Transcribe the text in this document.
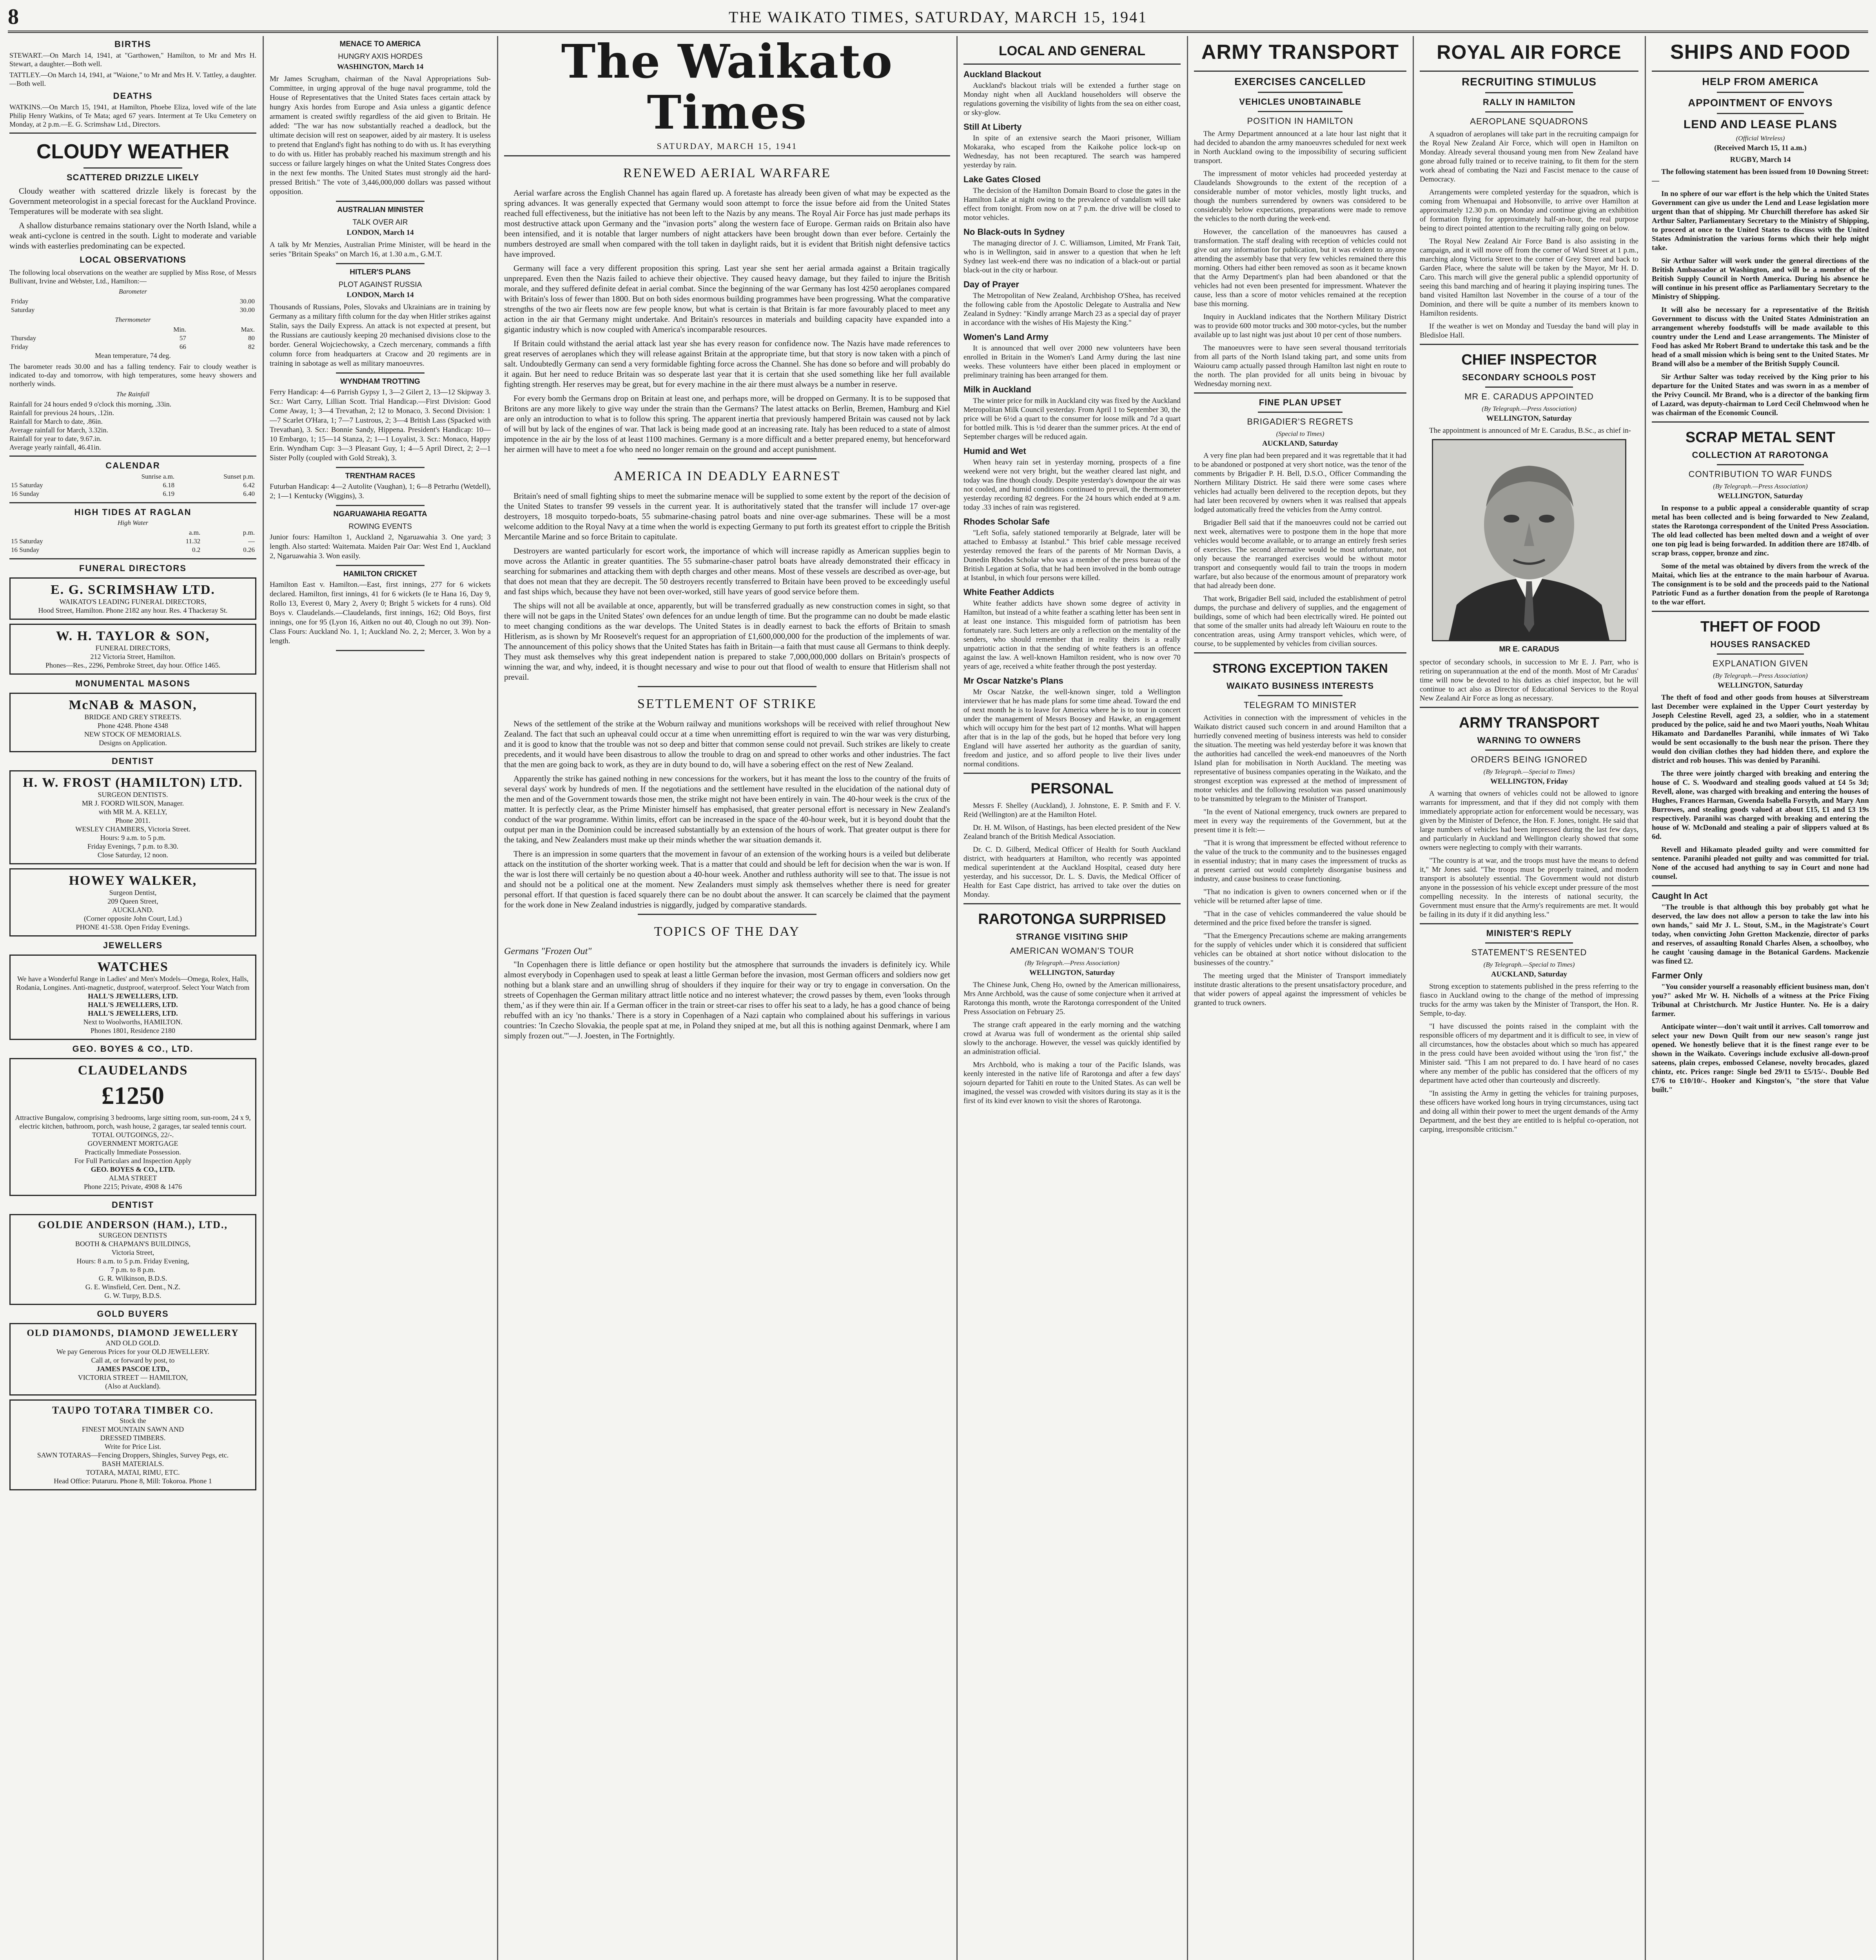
8	THE WAIKATO TIMES, SATURDAY, MARCH 15, 1941
BIRTHS

STEWART.—On March 14, 1941, at "Garthowen," Hamilton, to Mr and Mrs H. Stewart, a daughter.—Both well.

TATTLEY.—On March 14, 1941, at "Waione," to Mr and Mrs H. V. Tattley, a daughter.—Both well.

DEATHS

WATKINS.—On March 15, 1941, at Hamilton, Phoebe Eliza, loved wife of the late Philip Henry Watkins, of Te Mata; aged 67 years. Interment at Te Uku Cemetery on Monday, at 2 p.m.—E. G. Scrimshaw Ltd., Directors.

CLOUDY WEATHER
SCATTERED DRIZZLE LIKELY

Cloudy weather with scattered drizzle likely is forecast by the Government meteorologist in a special forecast for the Auckland Province. Temperatures will be moderate with sea slight.

A shallow disturbance remains stationary over the North Island, while a weak anti-cyclone is centred in the south. Light to moderate and variable winds with easterlies predominating can be expected.

LOCAL OBSERVATIONS

The following local observations on the weather are supplied by Miss Rose, of Messrs Bullivant, Irvine and Webster, Ltd., Hamilton:—

Barometer
Friday	30.00
Saturday	30.00
Thermometer
	Min.	Max.
Thursday	57	80
Friday	66	82

Mean temperature, 74 deg.

The barometer reads 30.00 and has a falling tendency. Fair to cloudy weather is indicated to-day and tomorrow, with high temperatures, some heavy showers and northerly winds.

The Rainfall

Rainfall for 24 hours ended 9 o'clock this morning, .33in.

Rainfall for previous 24 hours, .12in.

Rainfall for March to date, .86in.

Average rainfall for March, 3.32in.

Rainfall for year to date, 9.67.in.

Average yearly rainfall, 46.41in.

CALENDAR
	Sunrise a.m.	Sunset p.m.
15 Saturday	6.18	6.42
16 Sunday	6.19	6.40
HIGH TIDES AT RAGLAN
High Water
	a.m.	p.m.
15 Saturday	11.32	—
16 Sunday	0.2	0.26
FUNERAL DIRECTORS
E. G. SCRIMSHAW LTD.
WAIKATO'S LEADING FUNERAL DIRECTORS,
Hood Street, Hamilton. Phone 2182 any hour. Res. 4 Thackeray St.
W. H. TAYLOR & SON,
FUNERAL DIRECTORS,
212 Victoria Street, Hamilton.
Phones—Res., 2296, Pembroke Street, day hour. Office 1465.
MONUMENTAL MASONS
McNAB & MASON,
BRIDGE AND GREY STREETS.
Phone 4248. Phone 4348
NEW STOCK OF MEMORIALS.
Designs on Application.
DENTIST
H. W. FROST (HAMILTON) LTD.
SURGEON DENTISTS.
MR J. FOORD WILSON, Manager.
with MR M. A. KELLY,
Phone 2011.
WESLEY CHAMBERS, Victoria Street.
Hours: 9 a.m. to 5 p.m.
Friday Evenings, 7 p.m. to 8.30.
Close Saturday, 12 noon.
HOWEY WALKER,
Surgeon Dentist,
209 Queen Street,
AUCKLAND.
(Corner opposite John Court, Ltd.)
PHONE 41-538. Open Friday Evenings.
JEWELLERS
WATCHES
We have a Wonderful Range in Ladies' and Men's Models—Omega, Rolex, Halls, Rodania, Longines. Anti-magnetic, dustproof, waterproof. Select Your Watch from
HALL'S JEWELLERS, LTD.
HALL'S JEWELLERS, LTD.
HALL'S JEWELLERS, LTD.
Next to Woolworths, HAMILTON.
Phones 1801, Residence 2180
GEO. BOYES & CO., LTD.
CLAUDELANDS
£1250
Attractive Bungalow, comprising 3 bedrooms, large sitting room, sun-room, 24 x 9, electric kitchen, bathroom, porch, wash house, 2 garages, tar sealed tennis court.
TOTAL OUTGOINGS, 22/-.
GOVERNMENT MORTGAGE
Practically Immediate Possession.
For Full Particulars and Inspection Apply
GEO. BOYES & CO., LTD.
ALMA STREET
Phone 2215; Private, 4908 & 1476
DENTIST
GOLDIE ANDERSON (HAM.), LTD.,
SURGEON DENTISTS
BOOTH & CHAPMAN'S BUILDINGS,
Victoria Street,
Hours: 8 a.m. to 5 p.m. Friday Evening,
7 p.m. to 8 p.m.
G. R. Wilkinson, B.D.S.
G. E. Winsfield, Cert. Dent., N.Z.
G. W. Turpy, B.D.S.
GOLD BUYERS
OLD DIAMONDS, DIAMOND JEWELLERY
AND OLD GOLD.
We pay Generous Prices for your OLD JEWELLERY.
Call at, or forward by post, to
JAMES PASCOE LTD.,
VICTORIA STREET — HAMILTON,
(Also at Auckland).
TAUPO TOTARA TIMBER CO.
Stock the
FINEST MOUNTAIN SAWN AND
DRESSED TIMBERS.
Write for Price List.
SAWN TOTARAS—Fencing Droppers, Shingles, Survey Pegs, etc.
BASH MATERIALS.
TOTARA, MATAI, RIMU, ETC.
Head Office: Putaruru. Phone 8, Mill: Tokoroa. Phone 1
MENACE TO AMERICA
HUNGRY AXIS HORDES
WASHINGTON, March 14

Mr James Scrugham, chairman of the Naval Appropriations Sub-Committee, in urging approval of the huge naval programme, told the House of Representatives that the United States faces certain attack by hungry Axis hordes from Europe and Asia unless a gigantic defence armament is created swiftly regardless of the aid given to Britain. He added: "The war has now substantially reached a deadlock, but the ultimate decision will rest on seapower, aided by air mastery. It is useless to pretend that England's fight has nothing to do with us. It has everything to do with us. Hitler has probably reached his maximum strength and his success or failure largely hinges on what the United States Congress does in the next few months. The United States must strongly aid the hard-pressed British." The vote of 3,446,000,000 dollars was passed without opposition.

AUSTRALIAN MINISTER
TALK OVER AIR
LONDON, March 14

A talk by Mr Menzies, Australian Prime Minister, will be heard in the series "Britain Speaks" on March 16, at 1.30 a.m., G.M.T.

HITLER'S PLANS
PLOT AGAINST RUSSIA
LONDON, March 14

Thousands of Russians, Poles, Slovaks and Ukrainians are in training by Germany as a military fifth column for the day when Hitler strikes against Stalin, says the Daily Express. An attack is not expected at present, but the Russians are cautiously keeping 20 mechanised divisions close to the border. General Wojciechowsky, a Czech mercenary, commands a fifth column force from headquarters at Cracow and 20 regiments are in training in sabotage as well as military manoeuvres.

WYNDHAM TROTTING

Ferry Handicap: 4—6 Parrish Gypsy 1, 3—2 Gilert 2, 13—12 Skipway 3. Scr.: Wart Carry, Lillian Scott. Trial Handicap.—First Division: Good Come Away, 1; 3—4 Trevathan, 2; 12 to Monaco, 3. Second Division: 1—7 Scarlet O'Hara, 1; 7—7 Lustrous, 2; 3—4 British Lass (Spacked with Trevathan), 3. Scr.: Bonnie Sandy, Hippena. President's Handicap: 10—10 Embargo, 1; 15—14 Stanza, 2; 1—1 Loyalist, 3. Scr.: Monaco, Happy Erin. Wyndham Cup: 3—3 Pleasant Guy, 1; 4—5 April Direct, 2; 2—1 Sister Polly (coupled with Gold Streak), 3.

TRENTHAM RACES

Futurban Handicap: 4—2 Autolite (Vaughan), 1; 6—8 Petrarhu (Wetdell), 2; 1—1 Kentucky (Wiggins), 3.

NGARUAWAHIA REGATTA
ROWING EVENTS

Junior fours: Hamilton 1, Auckland 2, Ngaruawahia 3. One yard; 3 length. Also started: Waitemata. Maiden Pair Oar: West End 1, Auckland 2, Ngaruawahia 3. Won easily.

HAMILTON CRICKET

Hamilton East v. Hamilton.—East, first innings, 277 for 6 wickets declared. Hamilton, first innings, 41 for 6 wickets (Ie te Hana 16, Day 9, Rollo 13, Everest 0, Mary 2, Avery 0; Bright 5 wickets for 4 runs). Old Boys v. Claudelands.—Claudelands, first innings, 162; Old Boys, first innings, one for 95 (Lyon 16, Aitken no out 40, Clough no out 39). Non-Class Fours: Auckland No. 1, 1; Auckland No. 2, 2; Mercer, 3. Won by a length.

The Waikato Times
SATURDAY, MARCH 15, 1941
RENEWED AERIAL WARFARE

Aerial warfare across the English Channel has again flared up. A foretaste has already been given of what may be expected as the spring advances. It was generally expected that Germany would soon attempt to force the issue before aid from the United States reached full effectiveness, but the initiative has not been left to the Nazis by any means. The Royal Air Force has just made perhaps its most destructive attack upon Germany and the "invasion ports" along the western face of Europe. German raids on Britain also have been intensified, and it is notable that larger numbers of night attackers have been brought down than ever before. Certainly the numbers destroyed are small when compared with the toll taken in daylight raids, but it is evident that British night defensive tactics have improved.

Germany will face a very different proposition this spring. Last year she sent her aerial armada against a Britain tragically unprepared. Even then the Nazis failed to achieve their objective. They caused heavy damage, but they failed to injure the British morale, and they suffered definite defeat in aerial combat. Since the beginning of the war Germany has lost 4250 aeroplanes compared with Britain's loss of fewer than 1800. But on both sides enormous building programmes have been progressing. What the comparative strengths of the two air fleets now are few people know, but what is certain is that Britain is far more favourably placed to meet any action in the air that Germany might undertake. And Britain's resources in materials and building capacity have expanded into a gigantic industry which is now coupled with America's incomparable resources.

If Britain could withstand the aerial attack last year she has every reason for confidence now. The Nazis have made references to great reserves of aeroplanes which they will release against Britain at the appropriate time, but that story is now taken with a pinch of salt. Undoubtedly Germany can send a very formidable fighting force across the Channel. She has done so before and will probably do it again. But her need to reduce Britain was so desperate last year that it is certain that she used something like her full available fighting strength. Her reserves may be great, but for every machine in the air there must always be a number in reserve.

For every bomb the Germans drop on Britain at least one, and perhaps more, will be dropped on Germany. It is to be supposed that Britons are any more likely to give way under the strain than the Germans? The latest attacks on Berlin, Bremen, Hamburg and Kiel are only an introduction to what is to follow this spring. The apparent inertia that previously hampered Britain was caused not by lack of will but by lack of the engines of war. That lack is being made good at an increasing rate. Italy has been reduced to a state of almost impotence in the air by the loss of at least 1100 machines. Germany is a more difficult and a better prepared enemy, but henceforward her airmen will have to meet a foe who need no longer remain on the ground and accept punishment.

AMERICA IN DEADLY EARNEST

Britain's need of small fighting ships to meet the submarine menace will be supplied to some extent by the report of the decision of the United States to transfer 99 vessels in the current year. It is authoritatively stated that the transfer will include 17 over-age destroyers, 18 mosquito torpedo-boats, 55 submarine-chasing patrol boats and nine over-age submarines. These will be a most welcome addition to the Royal Navy at a time when the world is expecting Germany to put forth its greatest effort to cripple the British Mercantile Marine and so force Britain to capitulate.

Destroyers are wanted particularly for escort work, the importance of which will increase rapidly as American supplies begin to move across the Atlantic in greater quantities. The 55 submarine-chaser patrol boats have already demonstrated their efficacy in searching for submarines and attacking them with depth charges and other means. Most of these vessels are described as over-age, but that does not mean that they are decrepit. The 50 destroyers recently transferred to Britain have been proved to be exceedingly useful and fast ships which, because they have not been over-worked, still have years of good service before them.

The ships will not all be available at once, apparently, but will be transferred gradually as new construction comes in sight, so that there will not be gaps in the United States' own defences for an undue length of time. But the programme can no doubt be made elastic to meet changing conditions as the war develops. The United States is in deadly earnest to back the efforts of Britain to smash Hitlerism, as is shown by Mr Roosevelt's request for an appropriation of £1,600,000,000 for the production of the implements of war. The announcement of this policy shows that the United States has faith in Britain—a faith that must cause all Germans to think deeply. They must ask themselves why this great independent nation is prepared to stake 7,000,000,000 dollars on Britain's prospects of winning the war, and why, indeed, it is thought necessary and wise to pour out that flood of wealth to ensure that Hitlerism shall not prevail.

SETTLEMENT OF STRIKE

News of the settlement of the strike at the Woburn railway and munitions workshops will be received with relief throughout New Zealand. The fact that such an upheaval could occur at a time when unremitting effort is required to win the war was very disturbing, and it is good to know that the trouble was not so deep and bitter that common sense could not prevail. Such strikes are likely to create precedents, and it would have been disastrous to allow the trouble to drag on and spread to other works and other industries. The fact that the men are going back to work, as they are in duty bound to do, will have a sobering effect on the rest of New Zealand.

Apparently the strike has gained nothing in new concessions for the workers, but it has meant the loss to the country of the fruits of several days' work by hundreds of men. If the negotiations and the settlement have resulted in the elucidation of the national duty of the men and of the Government towards those men, the strike might not have been entirely in vain. The 40-hour week is the crux of the matter. It is perfectly clear, as the Prime Minister himself has emphasised, that greater personal effort is necessary in New Zealand's conduct of the war programme. Within limits, effort can be increased in the space of the 40-hour week, but it is beyond doubt that the output per man in the Dominion could be increased substantially by an extension of the hours of work. That greater output is there for the taking, and New Zealanders must make up their minds whether the war situation demands it.

There is an impression in some quarters that the movement in favour of an extension of the working hours is a veiled but deliberate attack on the institution of the shorter working week. That is a matter that could and should be left for decision when the war is won. If the war is lost there will certainly be no question about a 40-hour week. Another and ruthless authority will see to that. The issue is not and should not be a political one at the moment. New Zealanders must simply ask themselves whether there is need for greater personal effort. If that question is faced squarely there can be no doubt about the answer. It can scarcely be claimed that the payment for the work done in New Zealand industries is niggardly, judged by comparative standards.

TOPICS OF THE DAY
Germans "Frozen Out"

"In Copenhagen there is little defiance or open hostility but the atmosphere that surrounds the invaders is definitely icy. While almost everybody in Copenhagen used to speak at least a little German before the invasion, most German officers and soldiers now get nothing but a blank stare and an unwilling shrug of shoulders if they inquire for their way or try to engage in conversation. On the streets of Copenhagen the German military attract little notice and no interest whatever; the crowd passes by them, even 'looks through them,' as if they were thin air. If a German officer in the train or street-car rises to offer his seat to a lady, he has a good chance of being rebuffed with an icy 'no thanks.' There is a story in Copenhagen of a Nazi captain who complained about his sufferings in various countries: 'In Czecho Slovakia, the people spat at me, in Poland they sniped at me, but all this is nothing against Denmark, where I am simply frozen out.'"—J. Joesten, in The Fortnightly.

LOCAL AND GENERAL
Auckland Blackout

Auckland's blackout trials will be extended a further stage on Monday night when all Auckland householders will observe the regulations governing the visibility of lights from the sea on either coast, or sky-glow.

Still At Liberty

In spite of an extensive search the Maori prisoner, William Mokaraka, who escaped from the Kaikohe police lock-up on Wednesday, has not been recaptured. The search was hampered yesterday by rain.

Lake Gates Closed

The decision of the Hamilton Domain Board to close the gates in the Hamilton Lake at night owing to the prevalence of vandalism will take effect from tonight. From now on at 7 p.m. the drive will be closed to motor vehicles.

No Black-outs In Sydney

The managing director of J. C. Williamson, Limited, Mr Frank Tait, who is in Wellington, said in answer to a question that when he left Sydney last week-end there was no indication of a black-out or partial black-out in the city or harbour.

Day of Prayer

The Metropolitan of New Zealand, Archbishop O'Shea, has received the following cable from the Apostolic Delegate to Australia and New Zealand in Sydney: "Kindly arrange March 23 as a special day of prayer in accordance with the wishes of His Majesty the King."

Women's Land Army

It is announced that well over 2000 new volunteers have been enrolled in Britain in the Women's Land Army during the last nine weeks. These volunteers have either been placed in employment or preliminary training has been arranged for them.

Milk in Auckland

The winter price for milk in Auckland city was fixed by the Auckland Metropolitan Milk Council yesterday. From April 1 to September 30, the price will be 6½d a quart to the consumer for loose milk and 7d a quart for bottled milk. This is ½d dearer than the summer prices. At the end of September charges will be reduced again.

Humid and Wet

When heavy rain set in yesterday morning, prospects of a fine weekend were not very bright, but the weather cleared last night, and today was fine though cloudy. Despite yesterday's downpour the air was not cooled, and humid conditions continued to prevail, the thermometer yesterday recording 82 degrees. For the 24 hours which ended at 9 a.m. today .33 inches of rain was registered.

Rhodes Scholar Safe

"Left Sofia, safely stationed temporarily at Belgrade, later will be attached to Embassy at Istanbul." This brief cable message received yesterday removed the fears of the parents of Mr Norman Davis, a Dunedin Rhodes Scholar who was a member of the press bureau of the British Legation at Sofia, that he had been involved in the bomb outrage at Istanbul, in which four persons were killed.

White Feather Addicts

White feather addicts have shown some degree of activity in Hamilton, but instead of a white feather a scathing letter has been sent in at least one instance. This misguided form of patriotism has been fortunately rare. Such letters are only a reflection on the mentality of the senders, who should remember that in reality theirs is a really unpatriotic action in that the sending of white feathers is an offence against the law. A well-known Hamilton resident, who is now over 70 years of age, received a white feather through the post yesterday.

Mr Oscar Natzke's Plans

Mr Oscar Natzke, the well-known singer, told a Wellington interviewer that he has made plans for some time ahead. Toward the end of next month he is to leave for America where he is to tour in concert under the management of Messrs Boosey and Hawke, an engagement which will occupy him for the best part of 12 months. What will happen after that is in the lap of the gods, but he hoped that before very long England will have asserted her authority as the guardian of sanity, freedom and justice, and so afford people to live their lives under normal conditions.

PERSONAL

Messrs F. Shelley (Auckland), J. Johnstone, E. P. Smith and F. V. Reid (Wellington) are at the Hamilton Hotel.

Dr. H. M. Wilson, of Hastings, has been elected president of the New Zealand branch of the British Medical Association.

Dr. C. D. Gilberd, Medical Officer of Health for South Auckland district, with headquarters at Hamilton, who recently was appointed medical superintendent at the Auckland Hospital, ceased duty here yesterday, and his successor, Dr. L. S. Davis, the Medical Officer of Health for East Cape district, has arrived to take over the duties on Monday.

RAROTONGA SURPRISED
STRANGE VISITING SHIP
AMERICAN WOMAN'S TOUR
(By Telegraph.—Press Association)
WELLINGTON, Saturday

The Chinese Junk, Cheng Ho, owned by the American millionairess, Mrs Anne Archbold, was the cause of some conjecture when it arrived at Rarotonga this month, wrote the Rarotonga correspondent of the United Press Association on February 25.

The strange craft appeared in the early morning and the watching crowd at Avarua was full of wonderment as the oriental ship sailed slowly to the anchorage. However, the vessel was quickly identified by an administration official.

Mrs Archbold, who is making a tour of the Pacific Islands, was keenly interested in the native life of Rarotonga and after a few days' sojourn departed for Tahiti en route to the United States. As can well be imagined, the vessel was crowded with visitors during its stay as it is the first of its kind ever known to visit the shores of Rarotonga.

ARMY TRANSPORT
EXERCISES CANCELLED
VEHICLES UNOBTAINABLE
POSITION IN HAMILTON

The Army Department announced at a late hour last night that it had decided to abandon the army manoeuvres scheduled for next week in North Auckland owing to the impossibility of securing sufficient transport.

The impressment of motor vehicles had proceeded yesterday at Claudelands Showgrounds to the extent of the reception of a considerable number of motor vehicles, mostly light trucks, and though the numbers surrendered by owners was considered to be considerably below expectations, preparations were made to remove the vehicles to the north during the week-end.

However, the cancellation of the manoeuvres has caused a transformation. The staff dealing with reception of vehicles could not give out any information for publication, but it was evident to anyone attending the assembly base that very few vehicles remained there this morning. Others had either been removed as soon as it became known that the Army Department's plan had been abandoned or that the vehicles had not even been presented for impressment. Whatever the cause, less than a score of motor vehicles remained at the reception base this morning.

Inquiry in Auckland indicates that the Northern Military District was to provide 600 motor trucks and 300 motor-cycles, but the number available up to last night was just about 10 per cent of those numbers.

The manoeuvres were to have seen several thousand territorials from all parts of the North Island taking part, and some units from Waiouru camp actually passed through Hamilton last night en route to the north. The plan provided for all units being in bivouac by Wednesday morning next.

FINE PLAN UPSET
BRIGADIER'S REGRETS
(Special to Times)
AUCKLAND, Saturday

A very fine plan had been prepared and it was regrettable that it had to be abandoned or postponed at very short notice, was the tenor of the comments by Brigadier P. H. Bell, D.S.O., Officer Commanding the Northern Military District. He said there were some cases where vehicles had actually been delivered to the reception depots, but they had later been recovered by owners when it was realised that appeals lodged automatically freed the vehicles from the Army control.

Brigadier Bell said that if the manoeuvres could not be carried out next week, alternatives were to postpone them in the hope that more vehicles would become available, or to arrange an entirely fresh series of exercises. The second alternative would be most unfortunate, not only because the rearranged exercises would be without motor transport and consequently would fail to train the troops in modern warfare, but also because of the enormous amount of preparatory work that had already been done.

That work, Brigadier Bell said, included the establishment of petrol dumps, the purchase and delivery of supplies, and the engagement of buildings, some of which had been electrically wired. He pointed out that some of the smaller units had already left Waiouru en route to the concentration areas, using Army transport vehicles, which were, of course, to be supplemented by vehicles from civilian sources.

STRONG EXCEPTION TAKEN
WAIKATO BUSINESS INTERESTS
TELEGRAM TO MINISTER

Activities in connection with the impressment of vehicles in the Waikato district caused such concern in and around Hamilton that a hurriedly convened meeting of business interests was held to consider the situation. The meeting was held yesterday before it was known that the authorities had cancelled the week-end manoeuvres of the North Island plan for mobilisation in North Auckland. The meeting was representative of business companies operating in the Waikato, and the strongest exception was expressed at the method of impressment of motor vehicles and the following resolution was passed unanimously to be transmitted by telegram to the Minister of Transport.

"In the event of National emergency, truck owners are prepared to meet in every way the requirements of the Government, but at the present time it is felt:—

"That it is wrong that impressment be effected without reference to the value of the truck to the community and to the businesses engaged in essential industry; that in many cases the impressment of trucks as at present carried out would completely disorganise business and industry, and cause business to cease functioning.

"That no indication is given to owners concerned when or if the vehicle will be returned after lapse of time.

"That in the case of vehicles commandeered the value should be determined and the price fixed before the transfer is signed.

"That the Emergency Precautions scheme are making arrangements for the supply of vehicles under which it is considered that sufficient vehicles can be obtained at short notice without dislocation to the businesses of the country."

The meeting urged that the Minister of Transport immediately institute drastic alterations to the present unsatisfactory procedure, and that wider powers of appeal against the impressment of vehicles be granted to truck owners.

ROYAL AIR FORCE
RECRUITING STIMULUS
RALLY IN HAMILTON
AEROPLANE SQUADRONS

A squadron of aeroplanes will take part in the recruiting campaign for the Royal New Zealand Air Force, which will open in Hamilton on Monday. Already several thousand young men from New Zealand have gone abroad fully trained or to receive training, to fit them for the stern work ahead of combating the Nazi and Fascist menace to the cause of Democracy.

Arrangements were completed yesterday for the squadron, which is coming from Whenuapai and Hobsonville, to arrive over Hamilton at approximately 12.30 p.m. on Monday and continue giving an exhibition of formation flying for approximately half-an-hour, the real purpose being to direct pointed attention to the recruiting rally going on below.

The Royal New Zealand Air Force Band is also assisting in the campaign, and it will move off from the corner of Ward Street at 1 p.m., marching along Victoria Street to the corner of Grey Street and back to Garden Place, where the salute will be taken by the Mayor, Mr H. D. Caro. This march will give the general public a splendid opportunity of seeing this band marching and of hearing it playing inspiring tunes. The band visited Hamilton last November in the course of a tour of the Dominion, and there will be quite a number of its members known to Hamilton residents.

If the weather is wet on Monday and Tuesday the band will play in Bledisloe Hall.

CHIEF INSPECTOR
SECONDARY SCHOOLS POST
MR E. CARADUS APPOINTED
(By Telegraph.—Press Association)
WELLINGTON, Saturday

The appointment is announced of Mr E. Caradus, B.Sc., as chief in-

MR E. CARADUS

spector of secondary schools, in succession to Mr E. J. Parr, who is retiring on superannuation at the end of the month. Most of Mr Caradus' time will now be devoted to his duties as chief inspector, but he will continue to act also as Director of Educational Services to the Royal New Zealand Air Force as long as necessary.

ARMY TRANSPORT
WARNING TO OWNERS
ORDERS BEING IGNORED
(By Telegraph.—Special to Times)
WELLINGTON, Friday

A warning that owners of vehicles could not be allowed to ignore warrants for impressment, and that if they did not comply with them immediately appropriate action for enforcement would be necessary, was given by the Minister of Defence, the Hon. F. Jones, tonight. He said that large numbers of vehicles had been impressed during the last few days, and particularly in Auckland and Wellington clearly showed that some owners were neglecting to comply with their warrants.

"The country is at war, and the troops must have the means to defend it," Mr Jones said. "The troops must be properly trained, and modern transport is absolutely essential. The Government would not disturb anyone in the possession of his vehicle except under pressure of the most compelling necessity. In the interests of national security, the Government must ensure that the Army's requirements are met. It would be failing in its duty if it did anything less."

MINISTER'S REPLY
STATEMENT'S RESENTED
(By Telegraph.—Special to Times)
AUCKLAND, Saturday

Strong exception to statements published in the press referring to the fiasco in Auckland owing to the change of the method of impressing trucks for the army was taken by the Minister of Transport, the Hon. R. Semple, to-day.

"I have discussed the points raised in the complaint with the responsible officers of my department and it is difficult to see, in view of all circumstances, how the obstacles about which so much has appeared in the press could have been avoided without using the 'iron fist'," the Minister said. "This I am not prepared to do. I have heard of no cases where any member of the public has considered that the officers of my department have acted other than courteously and discreetly.

"In assisting the Army in getting the vehicles for training purposes, these officers have worked long hours in trying circumstances, using tact and doing all within their power to meet the urgent demands of the Army Department, and the best they are entitled to is helpful co-operation, not carping, irresponsible criticism."

SHIPS AND FOOD
HELP FROM AMERICA
APPOINTMENT OF ENVOYS
LEND AND LEASE PLANS
(Official Wireless)
(Received March 15, 11 a.m.)
RUGBY, March 14

The following statement has been issued from 10 Downing Street:—

In no sphere of our war effort is the help which the United States Government can give us under the Lend and Lease legislation more urgent than that of shipping. Mr Churchill therefore has asked Sir Arthur Salter, Parliamentary Secretary to the Ministry of Shipping, to proceed at once to the United States to discuss with the United States Administration the various forms which their help might take.

Sir Arthur Salter will work under the general directions of the British Ambassador at Washington, and will be a member of the British Supply Council in North America. During his absence he will continue in his present office as Parliamentary Secretary to the Ministry of Shipping.

It will also be necessary for a representative of the British Government to discuss with the United States Administration an arrangement whereby foodstuffs will be made available to this country under the Lend and Lease arrangements. The Minister of Food has asked Mr Robert Brand to undertake this task and be the head of a small mission which is being sent to the United States. Mr Brand will also be a member of the British Supply Council.

Sir Arthur Salter was today received by the King prior to his departure for the United States and was sworn in as a member of the Privy Council. Mr Brand, who is a director of the banking firm of Lazard, was deputy-chairman to Lord Cecil Chelmwood when he was chairman of the Economic Council.

SCRAP METAL SENT
COLLECTION AT RAROTONGA
CONTRIBUTION TO WAR FUNDS
(By Telegraph.—Press Association)
WELLINGTON, Saturday

In response to a public appeal a considerable quantity of scrap metal has been collected and is being forwarded to New Zealand, states the Rarotonga correspondent of the United Press Association. The old lead collected has been melted down and a weight of over one ton pig lead is being forwarded. In addition there are 1874lb. of scrap brass, copper, bronze and zinc.

Some of the metal was obtained by divers from the wreck of the Maitai, which lies at the entrance to the main harbour of Avarua. The consignment is to be sold and the proceeds paid to the National Patriotic Fund as a further donation from the people of Rarotonga to the war effort.

THEFT OF FOOD
HOUSES RANSACKED
EXPLANATION GIVEN
(By Telegraph.—Press Association)
WELLINGTON, Saturday

The theft of food and other goods from houses at Silverstream last December were explained in the Upper Court yesterday by Joseph Celestine Revell, aged 23, a soldier, who in a statement produced by the police, said he and two Maori youths, Noah Whitau Hikamato and Dardanelles Paranihi, while inmates of Wi Tako would be sent occasionally to the bush near the prison. There they would don civilian clothes they had hidden there, and explore the district and rob houses. This was denied by Paranihi.

The three were jointly charged with breaking and entering the house of C. S. Woodward and stealing goods valued at £4 5s 3d; Revell, alone, was charged with breaking and entering the houses of Hughes, Frances Harman, Gwenda Isabella Forsyth, and Mary Ann Burrowes, and stealing goods valued at about £15, £1 and £3 19s respectively. Paranihi was charged with breaking and entering the house of W. McDonald and stealing a pair of slippers valued at 8s 6d.

Revell and Hikamato pleaded guilty and were committed for sentence. Paranihi pleaded not guilty and was committed for trial. None of the accused had anything to say in Court and none had counsel.

Caught In Act

"The trouble is that although this boy probably got what he deserved, the law does not allow a person to take the law into his own hands," said Mr J. L. Stout, S.M., in the Magistrate's Court today, when convicting John Gretton Mackenzie, director of parks and reserves, of assaulting Ronald Charles Alsen, a schoolboy, who he caught 'causing damage in the Botanical Gardens. Mackenzie was fined £2.

Farmer Only

"You consider yourself a reasonably efficient business man, don't you?" asked Mr W. H. Nicholls of a witness at the Price Fixing Tribunal at Christchurch. Mr Justice Hunter. No. He is a dairy farmer.

Anticipate winter—don't wait until it arrives. Call tomorrow and select your new Down Quilt from our new season's range just opened. We honestly believe that it is the finest range ever to be shown in the Waikato. Coverings include exclusive all-down-proof sateens, plain crepes, embossed Celanese, novelty brocades, glazed chintz, etc. Prices range: Single bed 29/11 to £5/15/-. Double Bed £7/6 to £10/10/-. Hooker and Kingston's, "the store that Value built."
